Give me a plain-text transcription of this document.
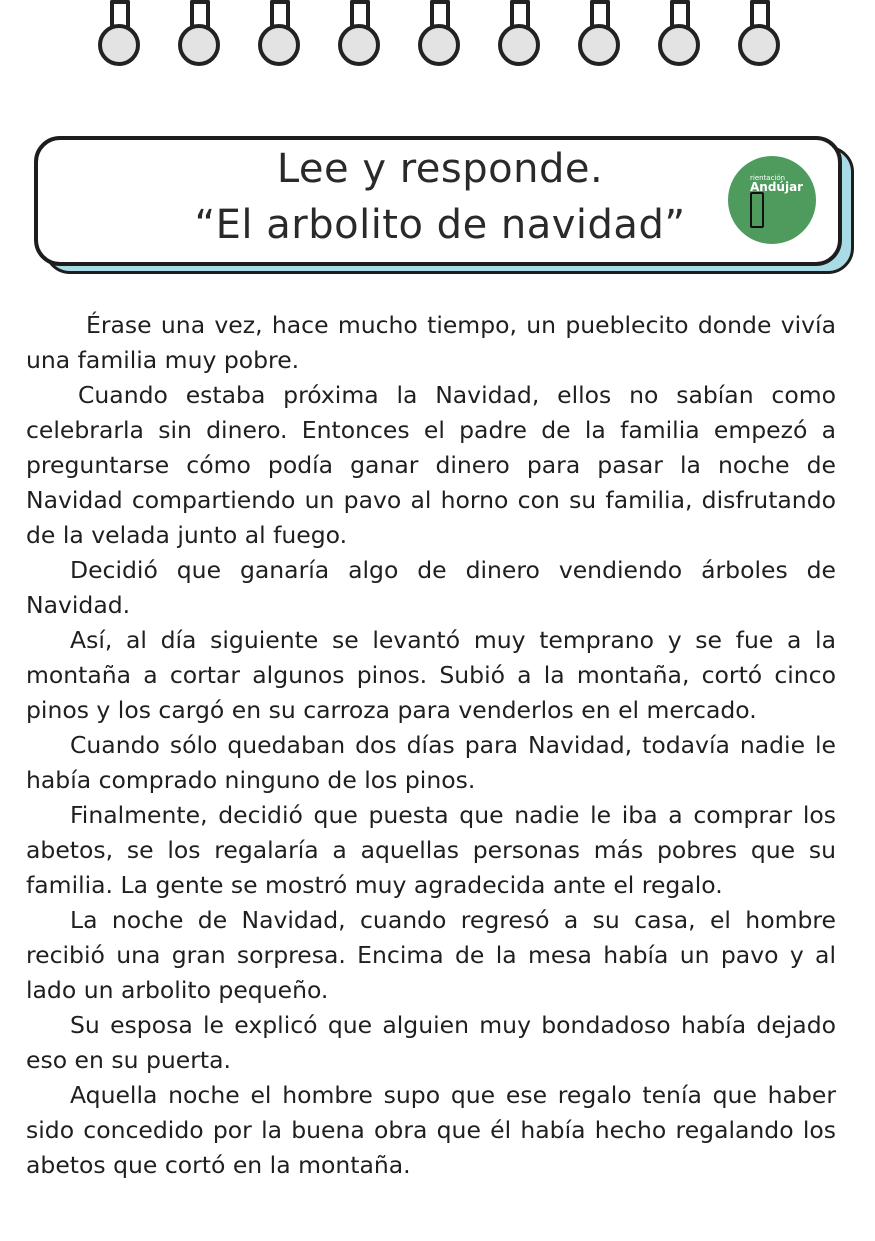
Lee y responde.
“El arbolito de navidad”
rientación
Andújar

Érase una vez, hace mucho tiempo, un pueblecito donde vivía una familia muy pobre.

Cuando estaba próxima la Navidad, ellos no sabían como celebrarla sin dinero. Entonces el padre de la familia empezó a preguntarse cómo podía ganar dinero para pasar la noche de Navidad compartiendo un pavo al horno con su familia, disfrutando de la velada junto al fuego.

Decidió que ganaría algo de dinero vendiendo árboles de Navidad.

Así, al día siguiente se levantó muy temprano y se fue a la montaña a cortar algunos pinos. Subió a la montaña, cortó cinco pinos y los cargó en su carroza para venderlos en el mercado.

Cuando sólo quedaban dos días para Navidad, todavía nadie le había comprado ninguno de los pinos.

Finalmente, decidió que puesta que nadie le iba a comprar los abetos, se los regalaría a aquellas personas más pobres que su familia. La gente se mostró muy agradecida ante el regalo.

La noche de Navidad, cuando regresó a su casa, el hombre recibió una gran sorpresa. Encima de la mesa había un pavo y al lado un arbolito pequeño.

Su esposa le explicó que alguien muy bondadoso había dejado eso en su puerta.

Aquella noche el hombre supo que ese regalo tenía que haber sido concedido por la buena obra que él había hecho regalando los abetos que cortó en la montaña.
